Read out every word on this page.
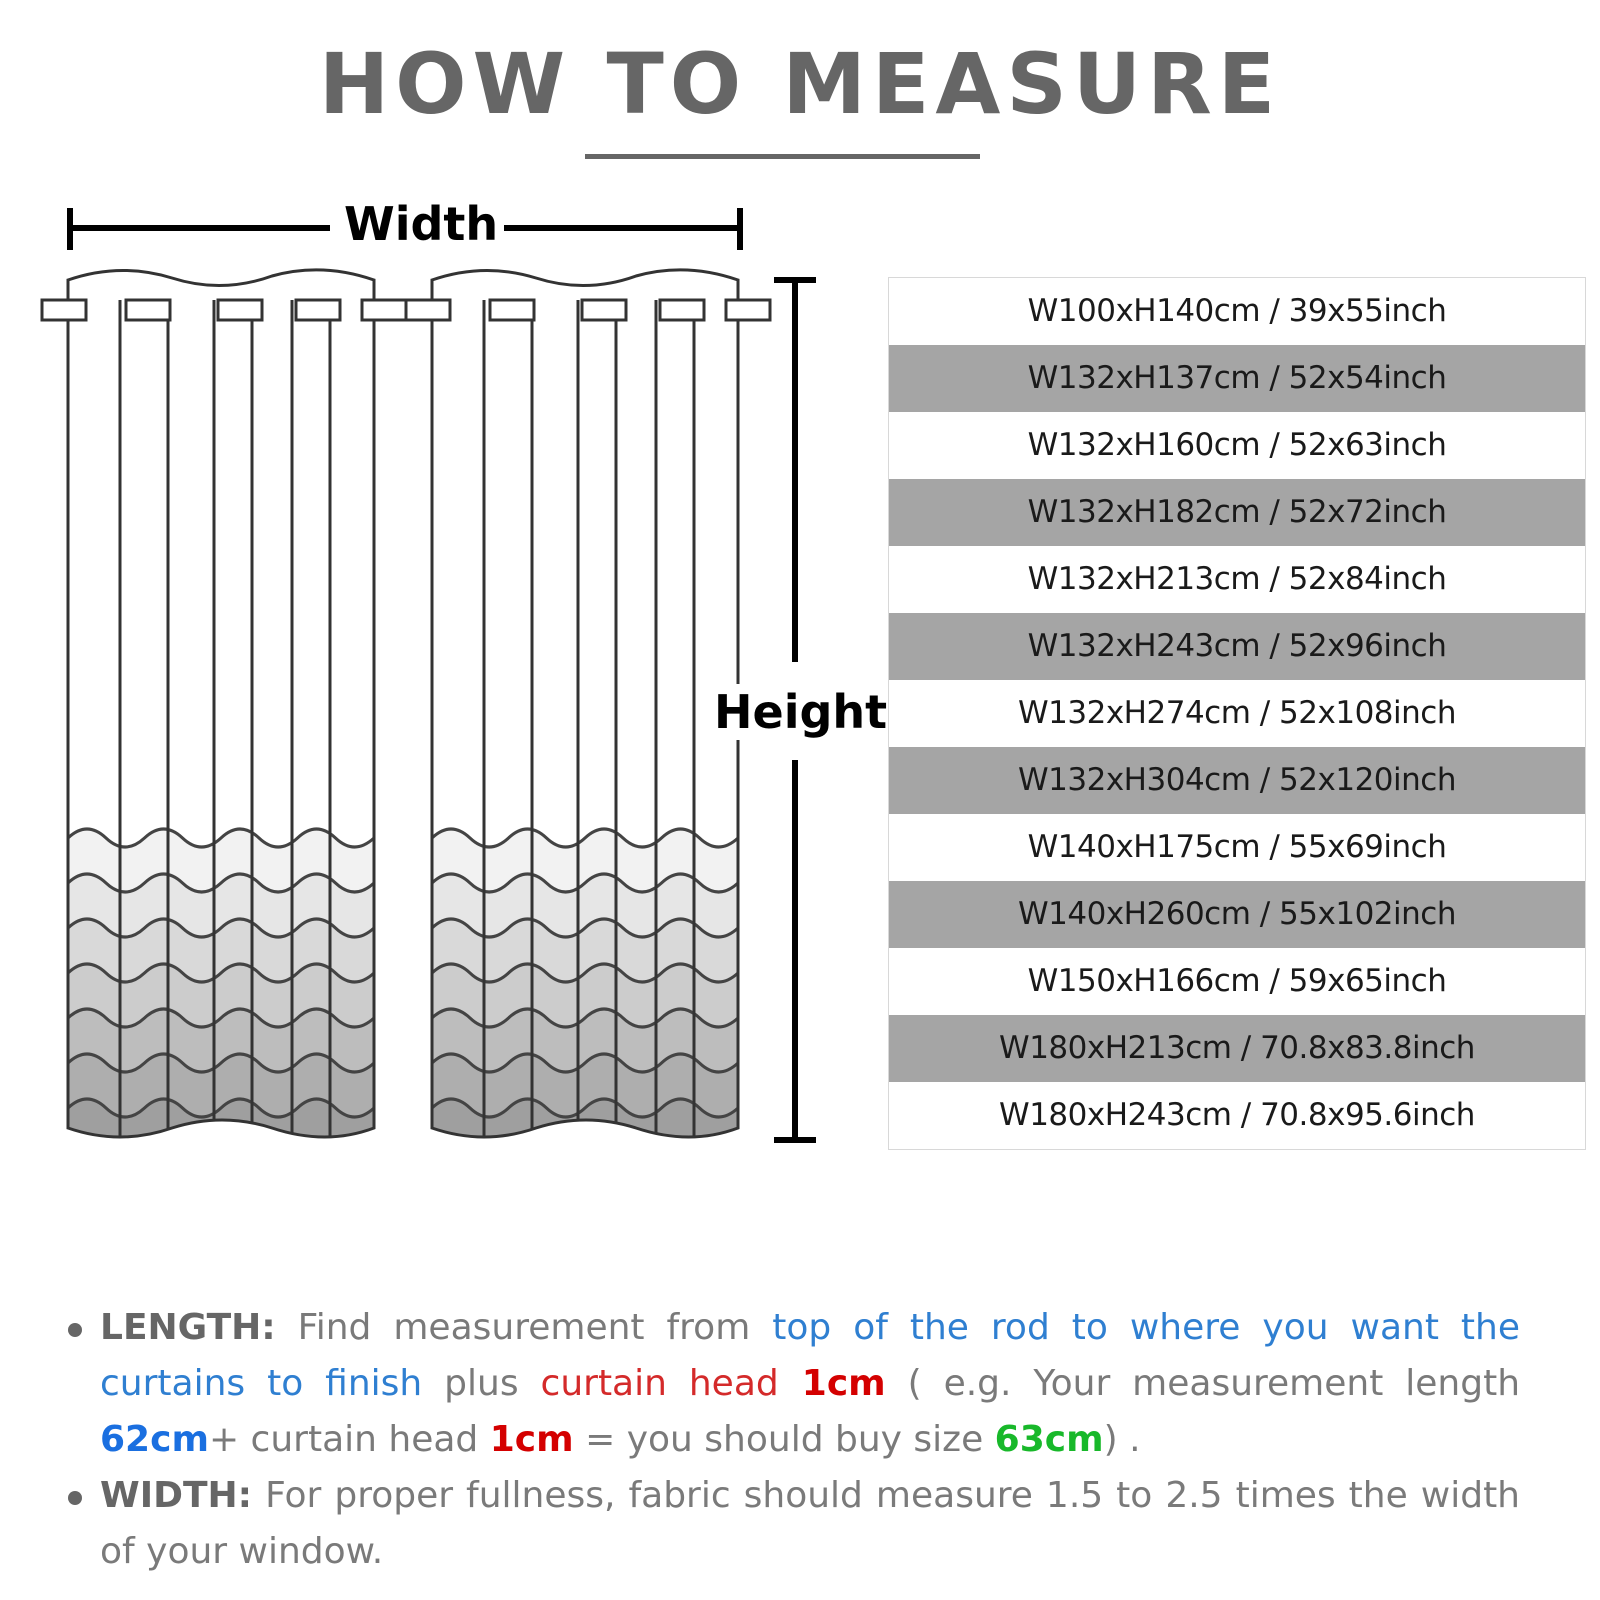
HOW TO MEASURE
Width
Height
W100xH140cm / 39x55inch
W132xH137cm / 52x54inch
W132xH160cm / 52x63inch
W132xH182cm / 52x72inch
W132xH213cm / 52x84inch
W132xH243cm / 52x96inch
W132xH274cm / 52x108inch
W132xH304cm / 52x120inch
W140xH175cm / 55x69inch
W140xH260cm / 55x102inch
W150xH166cm / 59x65inch
W180xH213cm / 70.8x83.8inch
W180xH243cm / 70.8x95.6inch
LENGTH: Find measurement from top of the rod to where you want the curtains to finish plus curtain head 1cm ( e.g. Your measurement length 62cm+ curtain head 1cm = you should buy size 63cm) .
WIDTH: For proper fullness, fabric should measure 1.5 to 2.5 times the width of your window.
